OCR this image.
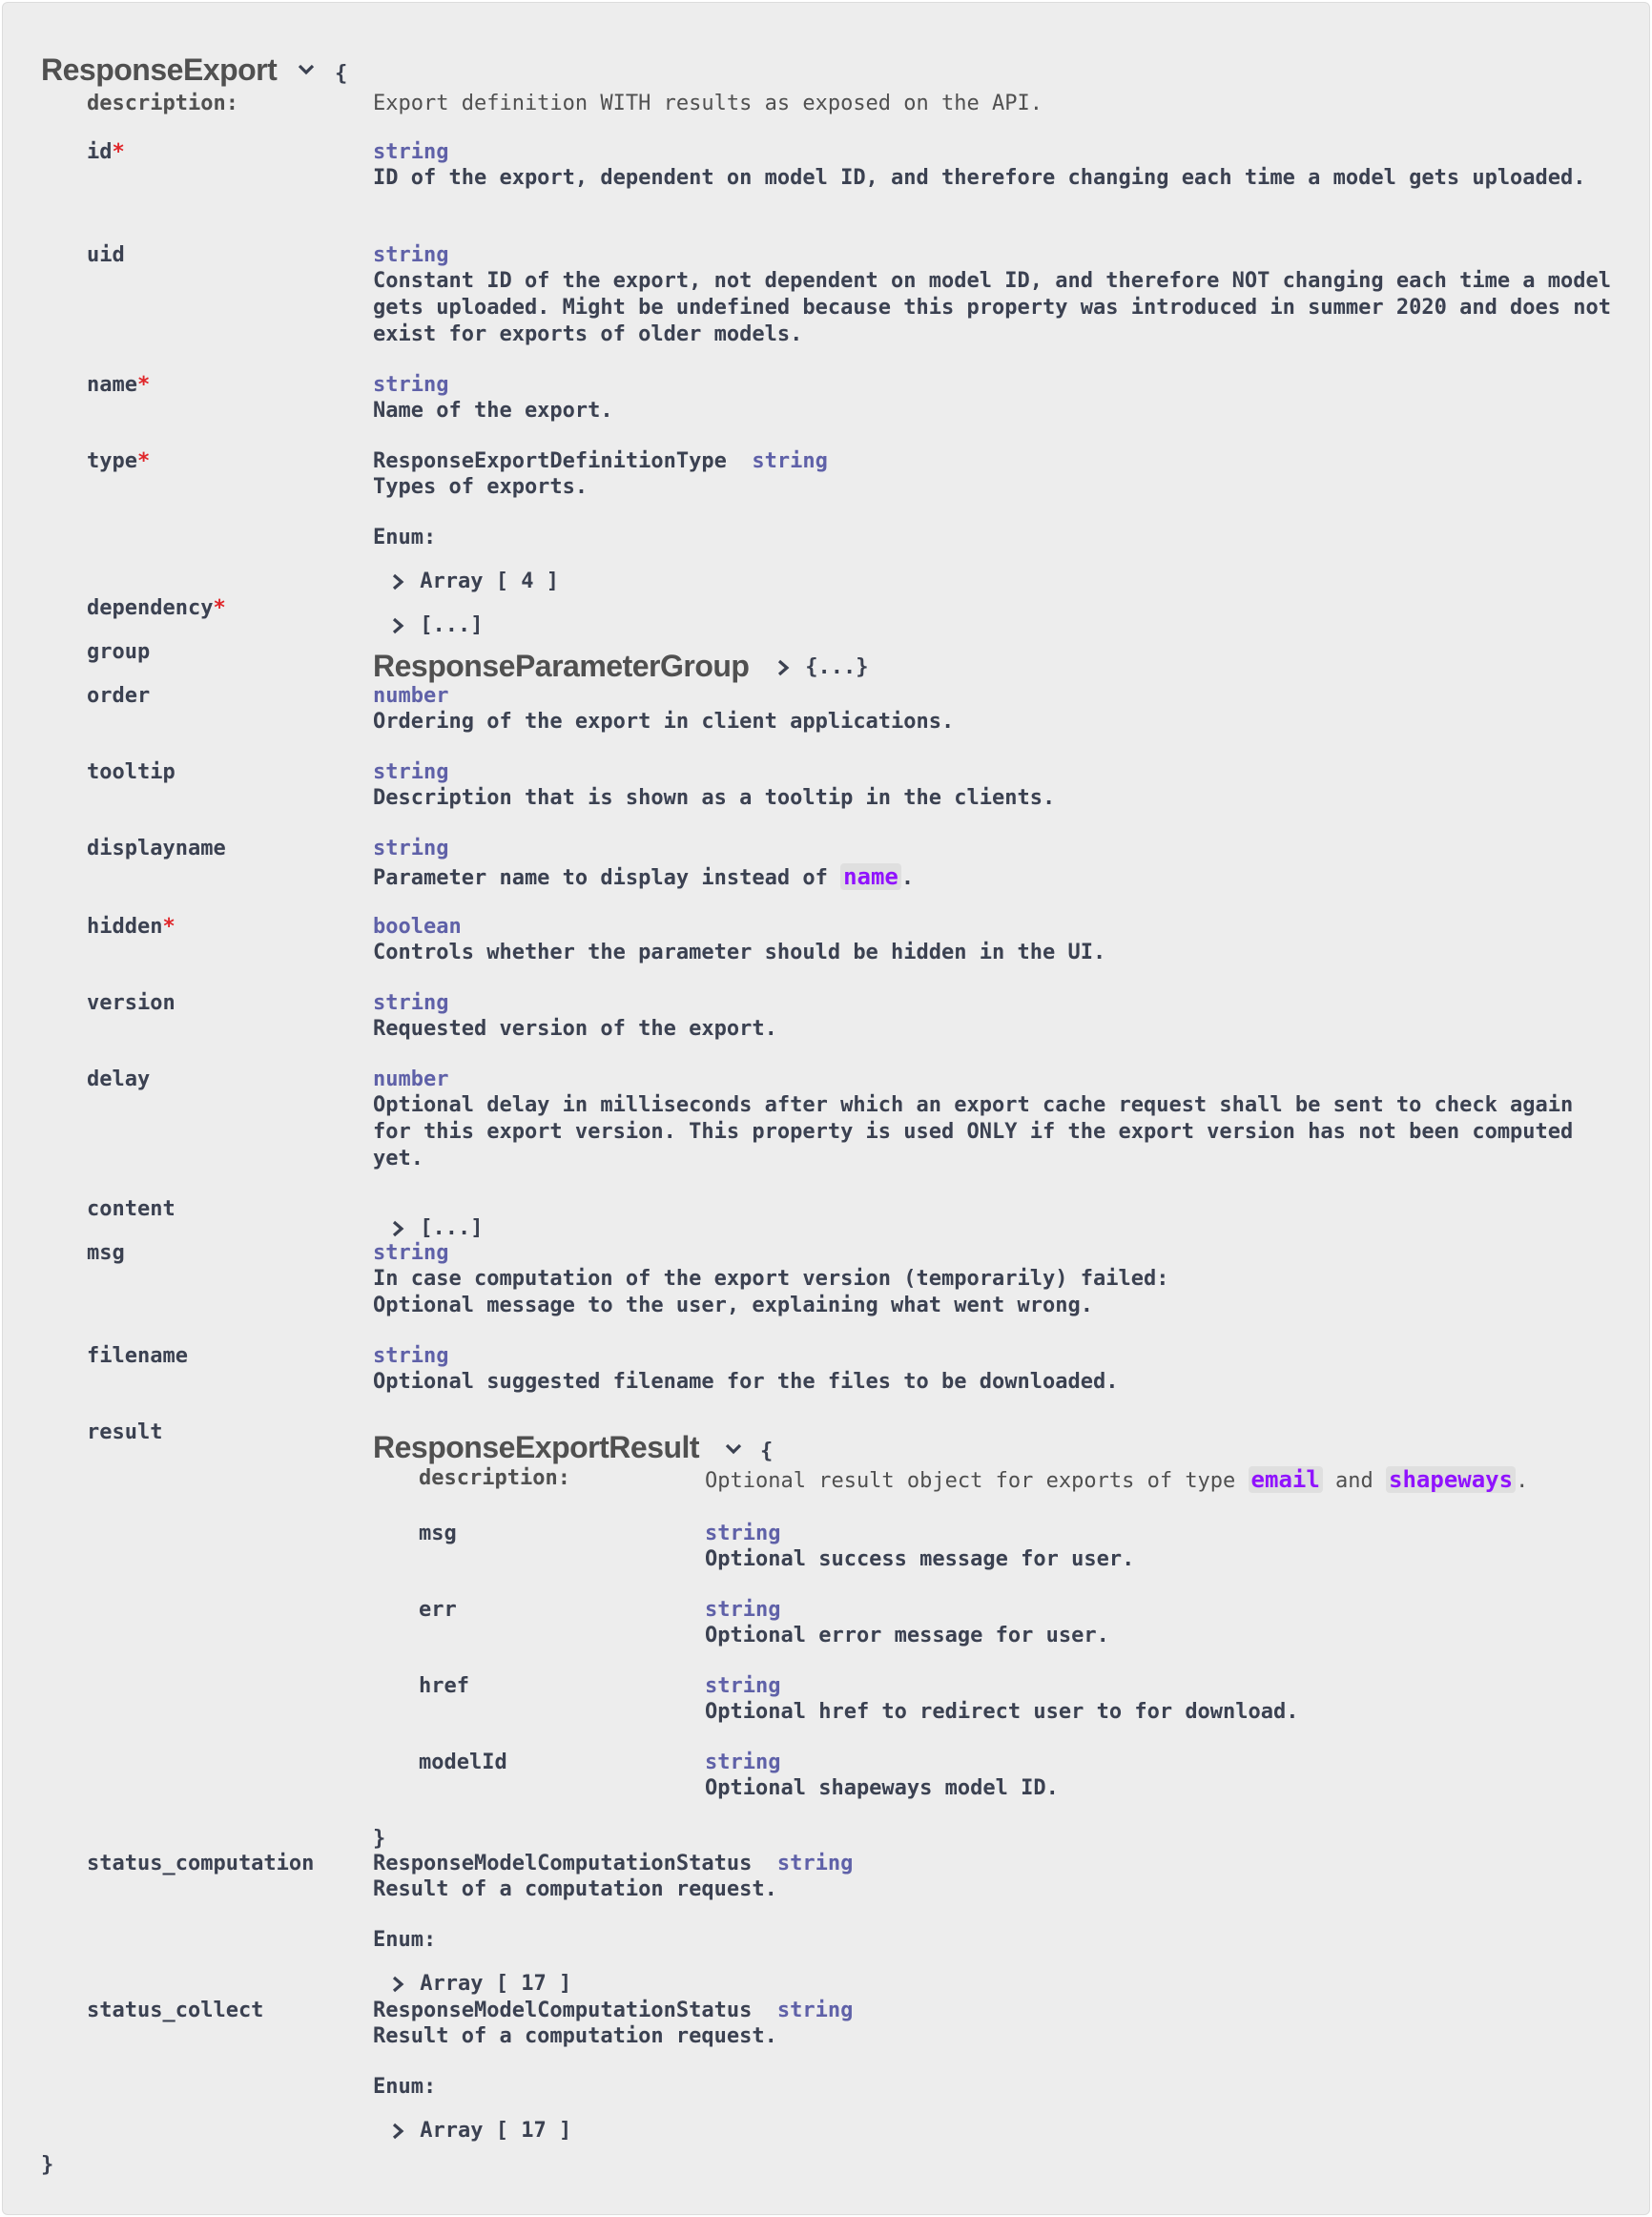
ResponseExport	{
description:	Export definition WITH results as exposed on the API.
id*	string
ID of the export, dependent on model ID, and therefore changing each time a model gets uploaded.
uid	string
Constant ID of the export, not dependent on model ID, and therefore NOT changing each time a model gets uploaded. Might be undefined because this property was introduced in summer 2020 and does not exist for exports of older models.
name*	string
Name of the export.
type*	ResponseExportDefinitionType string
Types of exports.
Enum:
Array [ 4 ]
dependency*
[...]
group	ResponseParameterGroup	{...}
order	number
Ordering of the export in client applications.
tooltip	string
Description that is shown as a tooltip in the clients.
displayname	string
Parameter name to display instead of name .
hidden*	boolean
Controls whether the parameter should be hidden in the UI.
version	string
Requested version of the export.
delay	number
Optional delay in milliseconds after which an export cache request shall be sent to check again for this export version. This property is used ONLY if the export version has not been computed yet.
content
[...]
msg	string
In case computation of the export version (temporarily) failed:
Optional message to the user, explaining what went wrong.
filename	string
Optional suggested filename for the files to be downloaded.
result	ResponseExportResult	{
description:	Optional result object for exports of type email and shapeways .
msg	string
Optional success message for user.
err	string
Optional error message for user.
href	string
Optional href to redirect user to for download.
modelId	string
Optional shapeways model ID.
}
status_computation	ResponseModelComputationStatus string
Result of a computation request.
Enum:
Array [ 17 ]
status_collect	ResponseModelComputationStatus string
Result of a computation request.
Enum:
Array [ 17 ]
}
